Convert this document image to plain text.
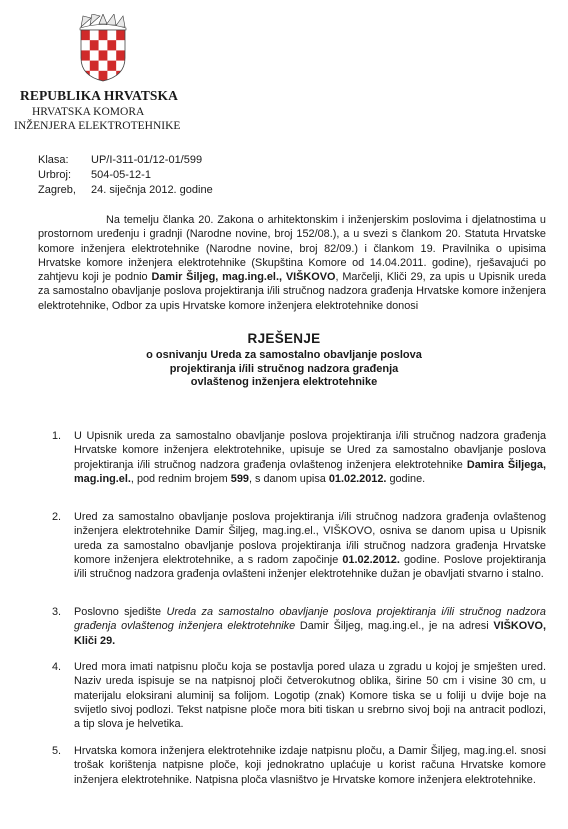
REPUBLIKA HRVATSKA
HRVATSKA KOMORA
INŽENJERA ELEKTROTEHNIKE
Klasa:	UP/I-311-01/12-01/599
Urbroj:	504-05-12-1
Zagreb,	24. siječnja 2012. godine
Na temelju članka 20. Zakona o arhitektonskim i inženjerskim poslovima i djelatnostima u prostornom uređenju i gradnji (Narodne novine, broj 152/08.), a u svezi s člankom 20. Statuta Hrvatske komore inženjera elektrotehnike (Narodne novine, broj 82/09.) i člankom 19. Pravilnika o upisima Hrvatske komore inženjera elektrotehnike (Skupština Komore od 14.04.2011. godine), rješavajući po zahtjevu koji je podnio Damir Šiljeg, mag.ing.el., VIŠKOVO, Marčelji, Kliči 29, za upis u Upisnik ureda za samostalno obavljanje poslova projektiranja i/ili stručnog nadzora građenja Hrvatske komore inženjera elektrotehnike, Odbor za upis Hrvatske komore inženjera elektrotehnike donosi
RJEŠENJE
o osnivanju Ureda za samostalno obavljanje poslova
projektiranja i/ili stručnog nadzora građenja
ovlaštenog inženjera elektrotehnike
1. U Upisnik ureda za samostalno obavljanje poslova projektiranja i/ili stručnog nadzora građenja Hrvatske komore inženjera elektrotehnike, upisuje se Ured za samostalno obavljanje poslova projektiranja i/ili stručnog nadzora građenja ovlaštenog inženjera elektrotehnike Damira Šiljega, mag.ing.el., pod rednim brojem 599, s danom upisa 01.02.2012. godine.
2. Ured za samostalno obavljanje poslova projektiranja i/ili stručnog nadzora građenja ovlaštenog inženjera elektrotehnike Damir Šiljeg, mag.ing.el., VIŠKOVO, osniva se danom upisa u Upisnik ureda za samostalno obavljanje poslova projektiranja i/ili stručnog nadzora građenja Hrvatske komore inženjera elektrotehnike, a s radom započinje 01.02.2012. godine. Poslove projektiranja i/ili stručnog nadzora građenja ovlašteni inženjer elektrotehnike dužan je obavljati stvarno i stalno.
3. Poslovno sjedište Ureda za samostalno obavljanje poslova projektiranja i/ili stručnog nadzora građenja ovlaštenog inženjera elektrotehnike Damir Šiljeg, mag.ing.el., je na adresi VIŠKOVO, Kliči 29.
4. Ured mora imati natpisnu ploču koja se postavlja pored ulaza u zgradu u kojoj je smješten ured. Naziv ureda ispisuje se na natpisnoj ploči četverokutnog oblika, širine 50 cm i visine 30 cm, u materijalu eloksirani aluminij sa folijom. Logotip (znak) Komore tiska se u foliji u dvije boje na svijetlo sivoj podlozi. Tekst natpisne ploče mora biti tiskan u srebrno sivoj boji na antracit podlozi, a tip slova je helvetika.
5. Hrvatska komora inženjera elektrotehnike izdaje natpisnu ploču, a Damir Šiljeg, mag.ing.el. snosi trošak korištenja natpisne ploče, koji jednokratno uplaćuje u korist računa Hrvatske komore inženjera elektrotehnike. Natpisna ploča vlasništvo je Hrvatske komore inženjera elektrotehnike.
